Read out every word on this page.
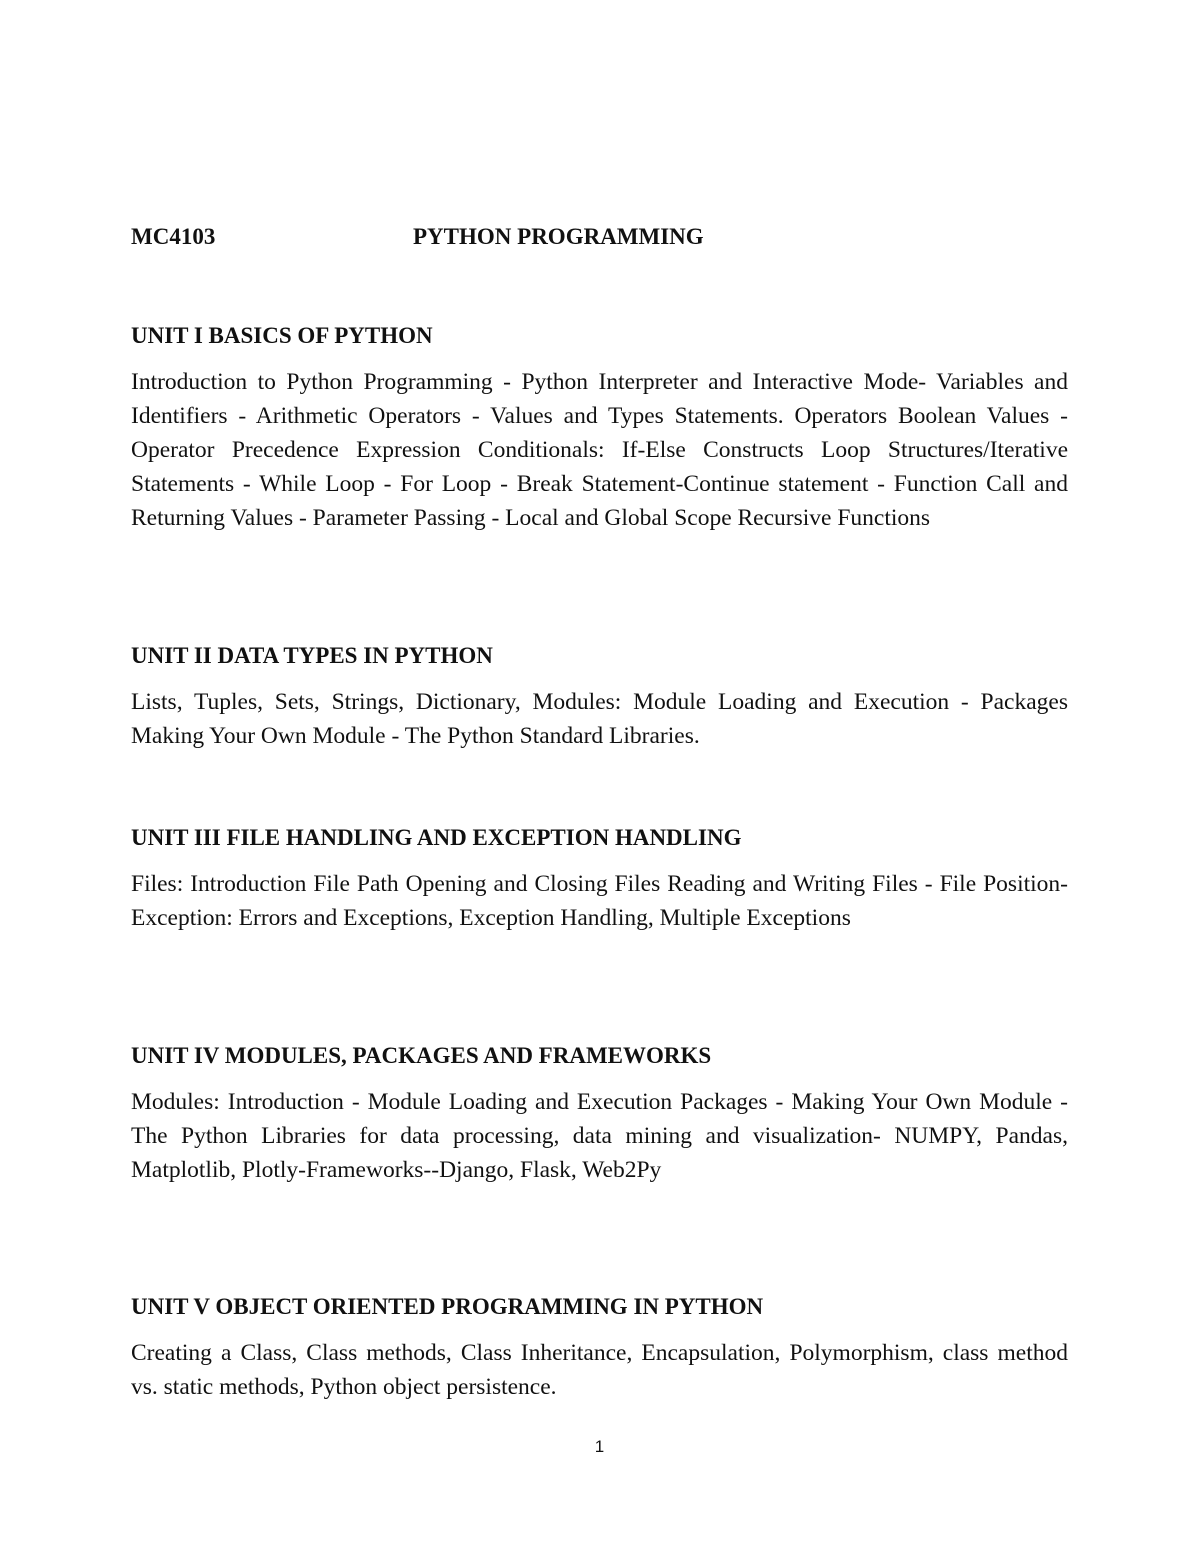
MC4103	PYTHON PROGRAMMING
UNIT I BASICS OF PYTHON

Introduction to Python Programming - Python Interpreter and Interactive Mode- Variables and Identifiers - Arithmetic Operators - Values and Types Statements. Operators Boolean Values - Operator Precedence Expression Conditionals: If-Else Constructs Loop Structures/Iterative Statements - While Loop - For Loop - Break Statement-Continue statement - Function Call and Returning Values - Parameter Passing - Local and Global Scope Recursive Functions

UNIT II DATA TYPES IN PYTHON

Lists, Tuples, Sets, Strings, Dictionary, Modules: Module Loading and Execution - Packages Making Your Own Module - The Python Standard Libraries.

UNIT III FILE HANDLING AND EXCEPTION HANDLING

Files: Introduction File Path Opening and Closing Files Reading and Writing Files - File Position-Exception: Errors and Exceptions, Exception Handling, Multiple Exceptions

UNIT IV MODULES, PACKAGES AND FRAMEWORKS

Modules: Introduction - Module Loading and Execution Packages - Making Your Own Module - The Python Libraries for data processing, data mining and visualization- NUMPY, Pandas, Matplotlib, Plotly-Frameworks--Django, Flask, Web2Py

UNIT V OBJECT ORIENTED PROGRAMMING IN PYTHON

Creating a Class, Class methods, Class Inheritance, Encapsulation, Polymorphism, class method vs. static methods, Python object persistence.

1
